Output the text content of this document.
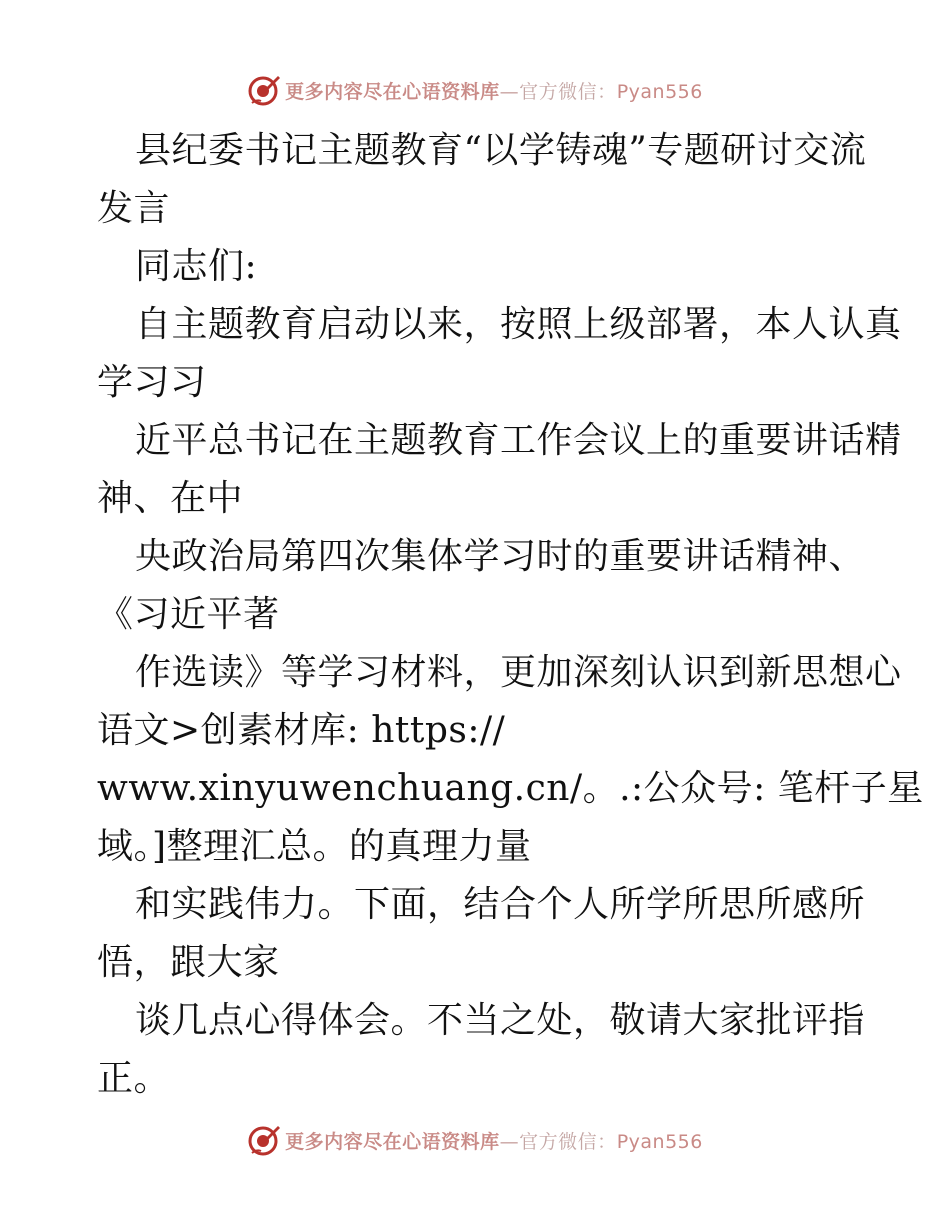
更多内容尽在心语资料库—官方微信：Pyan556
县纪委书记主题教育“以学铸魂”专题研讨交流
发言
同志们:
自主题教育启动以来，按照上级部署，本人认真
学习习
近平总书记在主题教育工作会议上的重要讲话精
神、在中
央政治局第四次集体学习时的重要讲话精神、
《习近平著
作选读》等学习材料，更加深刻认识到新思想心
语文>创素材库: https://
www.xinyuwenchuang.cn/。.:公众号: 笔杆子星
域。]整理汇总。的真理力量
和实践伟力。下面，结合个人所学所思所感所
悟，跟大家
谈几点心得体会。不当之处，敬请大家批评指
正。
更多内容尽在心语资料库—官方微信：Pyan556
